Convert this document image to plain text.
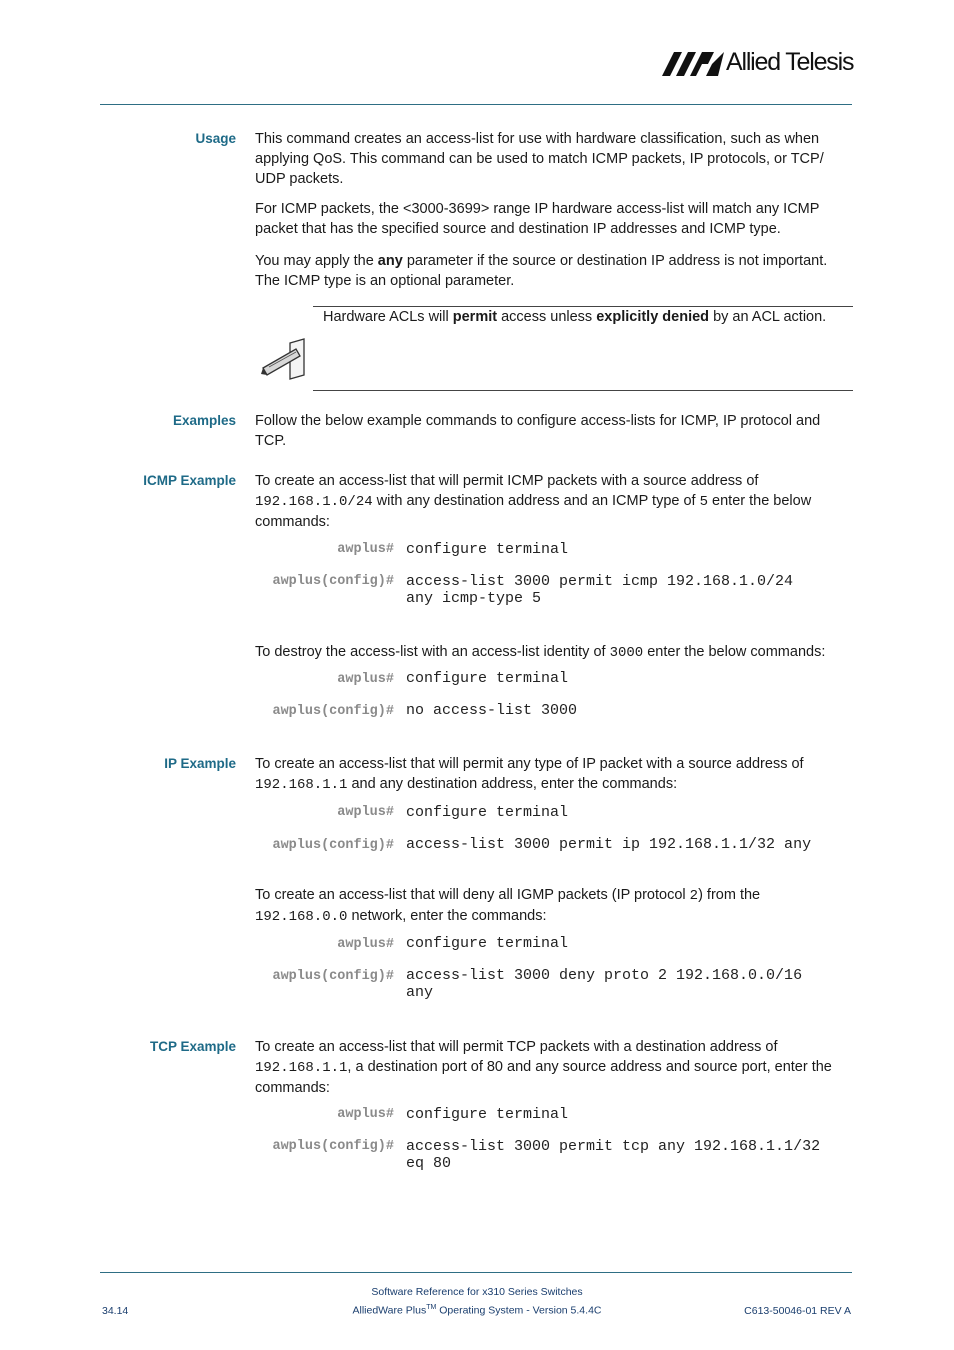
Allied Telesis
Usage This command creates an access-list for use with hardware classification, such as when applying QoS. This command can be used to match ICMP packets, IP protocols, or TCP/ UDP packets.

For ICMP packets, the <3000-3699> range IP hardware access-list will match any ICMP packet that has the specified source and destination IP addresses and ICMP type.

You may apply the any parameter if the source or destination IP address is not important. The ICMP type is an optional parameter.

Hardware ACLs will permit access unless explicitly denied by an ACL action.
Examples Follow the below example commands to configure access-lists for ICMP, IP protocol and TCP.

ICMP Example To create an access-list that will permit ICMP packets with a source address of 192.168.1.0/24 with any destination address and an ICMP type of 5 enter the below commands:

awplus# configure terminal
awplus(config)# access-list 3000 permit icmp 192.168.1.0/24
any icmp-type 5

To destroy the access-list with an access-list identity of 3000 enter the below commands:

awplus# configure terminal
awplus(config)# no access-list 3000
IP Example To create an access-list that will permit any type of IP packet with a source address of 192.168.1.1 and any destination address, enter the commands:

awplus# configure terminal
awplus(config)# access-list 3000 permit ip 192.168.1.1/32 any

To create an access-list that will deny all IGMP packets (IP protocol 2) from the
192.168.0.0 network, enter the commands:

awplus# configure terminal
awplus(config)# access-list 3000 deny proto 2 192.168.0.0/16
any
TCP Example To create an access-list that will permit TCP packets with a destination address of 192.168.1.1, a destination port of 80 and any source address and source port, enter the commands:

awplus# configure terminal
awplus(config)# access-list 3000 permit tcp any 192.168.1.1/32
eq 80
Software Reference for x310 Series Switches
AlliedWare Plus™ Operating System - Version 5.4.4C
34.14	C613-50046-01 REV A
